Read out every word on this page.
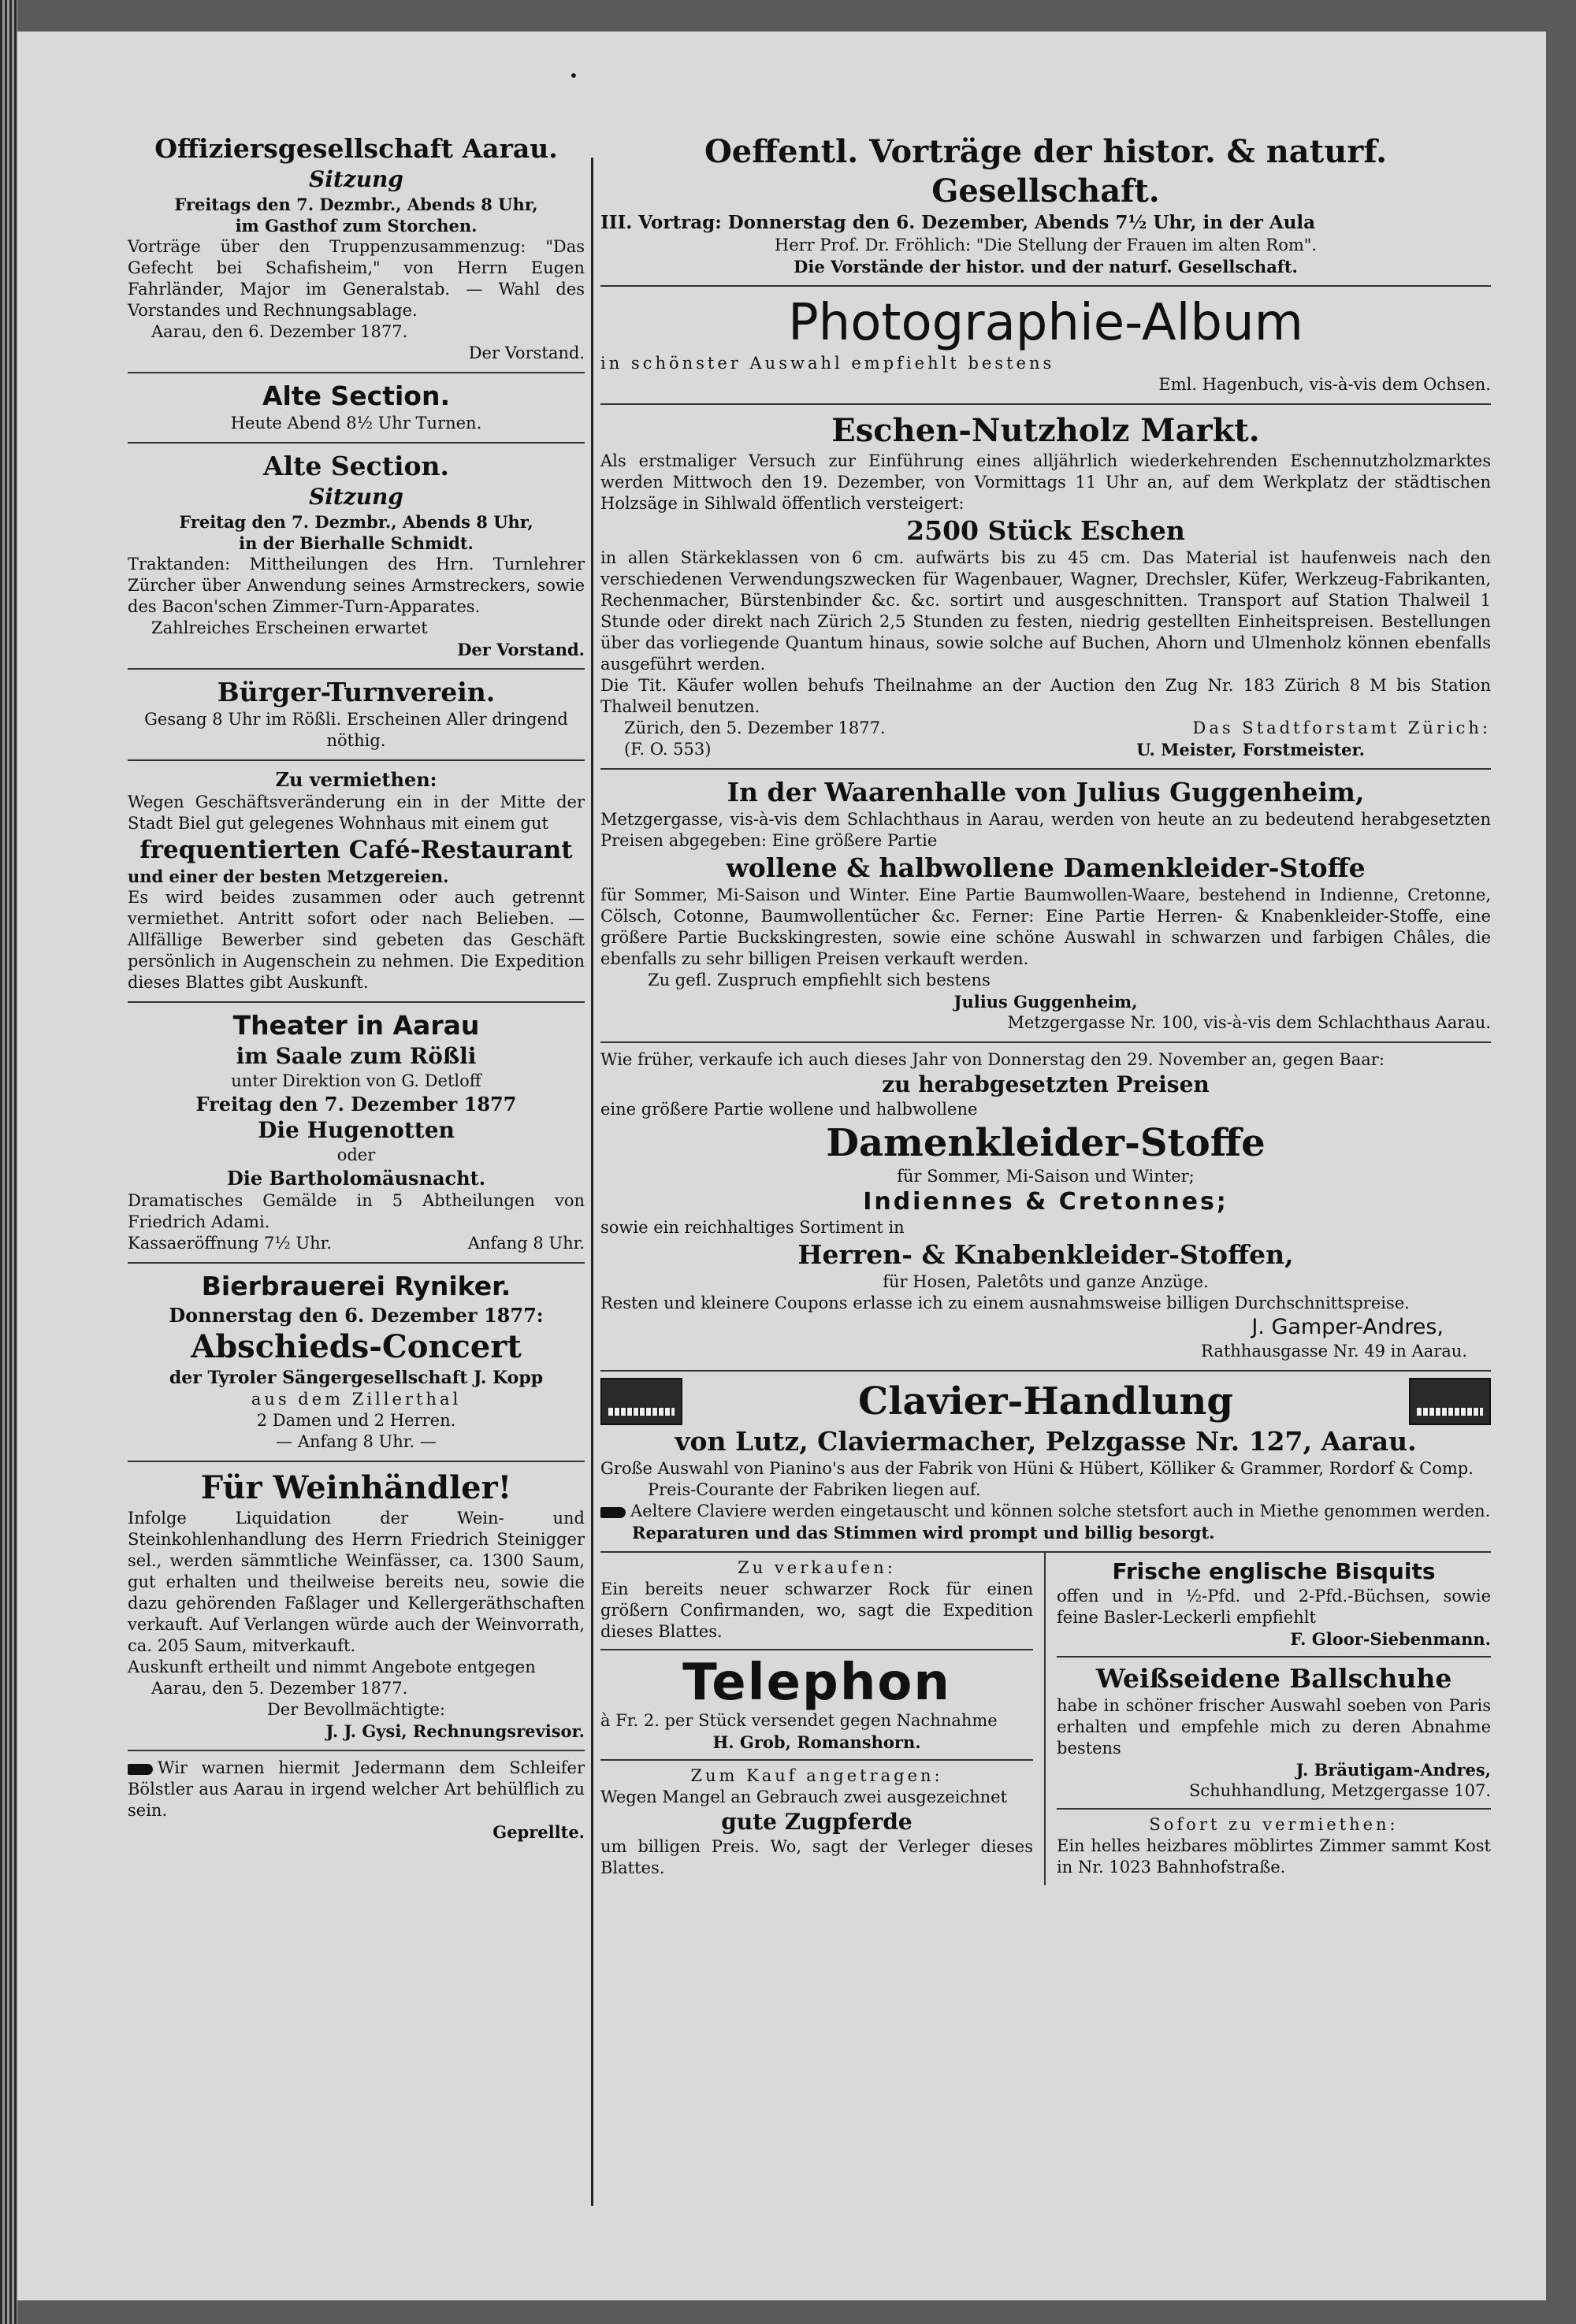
•
Offiziersgesellschaft Aarau.
Sitzung
Freitags den 7. Dezmbr., Abends 8 Uhr,
im Gasthof zum Storchen.

Vorträge über den Truppenzusammenzug: "Das Gefecht bei Schafisheim," von Herrn Eugen Fahrländer, Major im Generalstab. — Wahl des Vorstandes und Rechnungsablage.

Aarau, den 6. Dezember 1877.

Der Vorstand.

Alte Section.

Heute Abend 8½ Uhr Turnen.

Alte Section.
Sitzung
Freitag den 7. Dezmbr., Abends 8 Uhr,
in der Bierhalle Schmidt.

Traktanden: Mittheilungen des Hrn. Turnlehrer Zürcher über Anwendung seines Armstreckers, sowie des Bacon'schen Zimmer-Turn-Apparates.

Zahlreiches Erscheinen erwartet

Der Vorstand.

Bürger-Turnverein.

Gesang 8 Uhr im Rößli. Erscheinen Aller dringend nöthig.

Zu vermiethen:

Wegen Geschäftsveränderung ein in der Mitte der Stadt Biel gut gelegenes Wohnhaus mit einem gut

frequentierten Café-Restaurant

und einer der besten Metzgereien.

Es wird beides zusammen oder auch getrennt vermiethet. Antritt sofort oder nach Belieben. — Allfällige Bewerber sind gebeten das Geschäft persönlich in Augenschein zu nehmen. Die Expedition dieses Blattes gibt Auskunft.

Theater in Aarau
im Saale zum Rößli

unter Direktion von G. Detloff

Freitag den 7. Dezember 1877
Die Hugenotten

oder

Die Bartholomäusnacht.

Dramatisches Gemälde in 5 Abtheilungen von Friedrich Adami.

Kassaeröffnung 7½ Uhr.	Anfang 8 Uhr.
Bierbrauerei Ryniker.
Donnerstag den 6. Dezember 1877:
Abschieds-Concert
der Tyroler Sängergesellschaft J. Kopp

aus dem Zillerthal

2 Damen und 2 Herren.

— Anfang 8 Uhr. —

Für Weinhändler!

Infolge Liquidation der Wein- und Steinkohlenhandlung des Herrn Friedrich Steinigger sel., werden sämmtliche Weinfässer, ca. 1300 Saum, gut erhalten und theilweise bereits neu, sowie die dazu gehörenden Faßlager und Kellergeräthschaften verkauft. Auf Verlangen würde auch der Weinvorrath, ca. 205 Saum, mitverkauft.

Auskunft ertheilt und nimmt Angebote entgegen

Aarau, den 5. Dezember 1877.

Der Bevollmächtigte:

J. J. Gysi, Rechnungsrevisor.

Wir warnen hiermit Jedermann dem Schleifer Bölstler aus Aarau in irgend welcher Art behülflich zu sein.

Geprellte.

Oeffentl. Vorträge der histor. & naturf. Gesellschaft.
III. Vortrag: Donnerstag den 6. Dezember, Abends 7½ Uhr, in der Aula

Herr Prof. Dr. Fröhlich: "Die Stellung der Frauen im alten Rom".

Die Vorstände der histor. und der naturf. Gesellschaft.

Photographie-Album

in schönster Auswahl empfiehlt bestens

Eml. Hagenbuch, vis-à-vis dem Ochsen.

Eschen-Nutzholz Markt.

Als erstmaliger Versuch zur Einführung eines alljährlich wiederkehrenden Eschennutzholzmarktes werden Mittwoch den 19. Dezember, von Vormittags 11 Uhr an, auf dem Werkplatz der städtischen Holzsäge in Sihlwald öffentlich versteigert:

2500 Stück Eschen

in allen Stärkeklassen von 6 cm. aufwärts bis zu 45 cm. Das Material ist haufenweis nach den verschiedenen Verwendungszwecken für Wagenbauer, Wagner, Drechsler, Küfer, Werkzeug-Fabrikanten, Rechenmacher, Bürstenbinder &c. &c. sortirt und ausgeschnitten. Transport auf Station Thalweil 1 Stunde oder direkt nach Zürich 2,5 Stunden zu festen, niedrig gestellten Einheitspreisen. Bestellungen über das vorliegende Quantum hinaus, sowie solche auf Buchen, Ahorn und Ulmenholz können ebenfalls ausgeführt werden.

Die Tit. Käufer wollen behufs Theilnahme an der Auction den Zug Nr. 183 Zürich 8 M bis Station Thalweil benutzen.

Zürich, den 5. Dezember 1877.	Das Stadtforstamt Zürich:
(F. O. 553)	U. Meister, Forstmeister.
In der Waarenhalle von Julius Guggenheim,

Metzgergasse, vis-à-vis dem Schlachthaus in Aarau, werden von heute an zu bedeutend herabgesetzten Preisen abgegeben: Eine größere Partie

wollene & halbwollene Damenkleider-Stoffe

für Sommer, Mi-Saison und Winter. Eine Partie Baumwollen-Waare, bestehend in Indienne, Cretonne, Cölsch, Cotonne, Baumwollentücher &c. Ferner: Eine Partie Herren- & Knabenkleider-Stoffe, eine größere Partie Buckskingresten, sowie eine schöne Auswahl in schwarzen und farbigen Châles, die ebenfalls zu sehr billigen Preisen verkauft werden.

Zu gefl. Zuspruch empfiehlt sich bestens

Julius Guggenheim,

Metzgergasse Nr. 100, vis-à-vis dem Schlachthaus Aarau.

Wie früher, verkaufe ich auch dieses Jahr von Donnerstag den 29. November an, gegen Baar:

zu herabgesetzten Preisen

eine größere Partie wollene und halbwollene

Damenkleider-Stoffe

für Sommer, Mi-Saison und Winter;

Indiennes & Cretonnes;

sowie ein reichhaltiges Sortiment in

Herren- & Knabenkleider-Stoffen,

für Hosen, Paletôts und ganze Anzüge.

Resten und kleinere Coupons erlasse ich zu einem ausnahmsweise billigen Durchschnittspreise.

J. Gamper-Andres,

Rathhausgasse Nr. 49 in Aarau.

Clavier-Handlung
von Lutz, Claviermacher, Pelzgasse Nr. 127, Aarau.

Große Auswahl von Pianino's aus der Fabrik von Hüni & Hübert, Kölliker & Grammer, Rordorf & Comp.

Preis-Courante der Fabriken liegen auf.

Aeltere Claviere werden eingetauscht und können solche stetsfort auch in Miethe genommen werden.

Reparaturen und das Stimmen wird prompt und billig besorgt.

Zu verkaufen:

Ein bereits neuer schwarzer Rock für einen größern Confirmanden, wo, sagt die Expedition dieses Blattes.

Telephon

à Fr. 2. per Stück versendet gegen Nachnahme

H. Grob, Romanshorn.

Zum Kauf angetragen:

Wegen Mangel an Gebrauch zwei ausgezeichnet

gute Zugpferde

um billigen Preis. Wo, sagt der Verleger dieses Blattes.

Frische englische Bisquits

offen und in ½-Pfd. und 2-Pfd.-Büchsen, sowie feine Basler-Leckerli empfiehlt

F. Gloor-Siebenmann.

Weißseidene Ballschuhe

habe in schöner frischer Auswahl soeben von Paris erhalten und empfehle mich zu deren Abnahme bestens

J. Bräutigam-Andres,

Schuhhandlung, Metzgergasse 107.

Sofort zu vermiethen:

Ein helles heizbares möblirtes Zimmer sammt Kost in Nr. 1023 Bahnhofstraße.
